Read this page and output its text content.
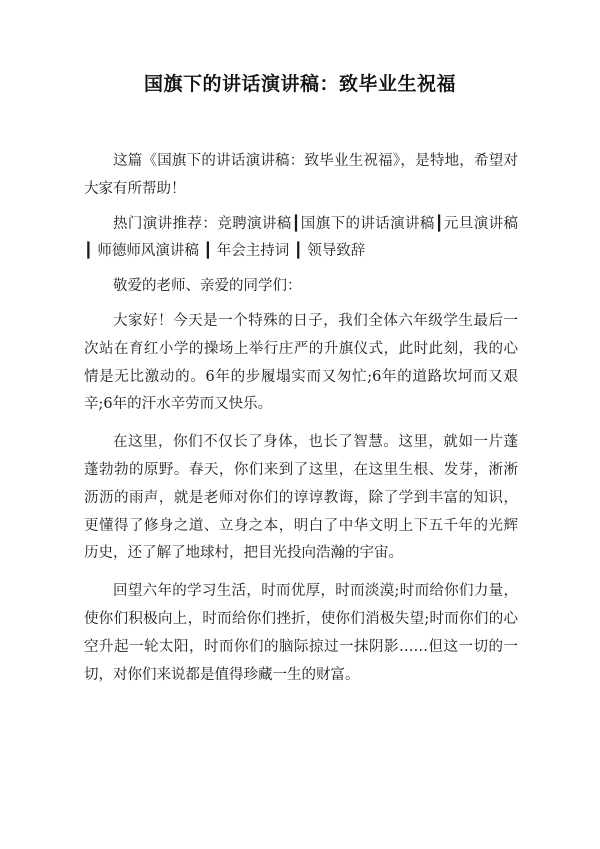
国旗下的讲话演讲稿：致毕业生祝福

这篇《国旗下的讲话演讲稿：致毕业生祝福》，是特地，希望对大家有所帮助！

热门演讲推荐：竞聘演讲稿┃国旗下的讲话演讲稿┃元旦演讲稿 ┃ 师德师风演讲稿 ┃ 年会主持词 ┃ 领导致辞

敬爱的老师、亲爱的同学们：

大家好！今天是一个特殊的日子，我们全体六年级学生最后一次站在育红小学的操场上举行庄严的升旗仪式，此时此刻，我的心情是无比激动的。6年的步履塌实而又匆忙;6年的道路坎坷而又艰辛;6年的汗水辛劳而又快乐。

在这里，你们不仅长了身体，也长了智慧。这里，就如一片蓬蓬勃勃的原野。春天，你们来到了这里，在这里生根、发芽，淅淅沥沥的雨声，就是老师对你们的谆谆教诲，除了学到丰富的知识，更懂得了修身之道、立身之本，明白了中华文明上下五千年的光辉历史，还了解了地球村，把目光投向浩瀚的宇宙。

回望六年的学习生活，时而优厚，时而淡漠;时而给你们力量，使你们积极向上，时而给你们挫折，使你们消极失望;时而你们的心空升起一轮太阳，时而你们的脑际掠过一抹阴影……但这一切的一切，对你们来说都是值得珍藏一生的财富。
